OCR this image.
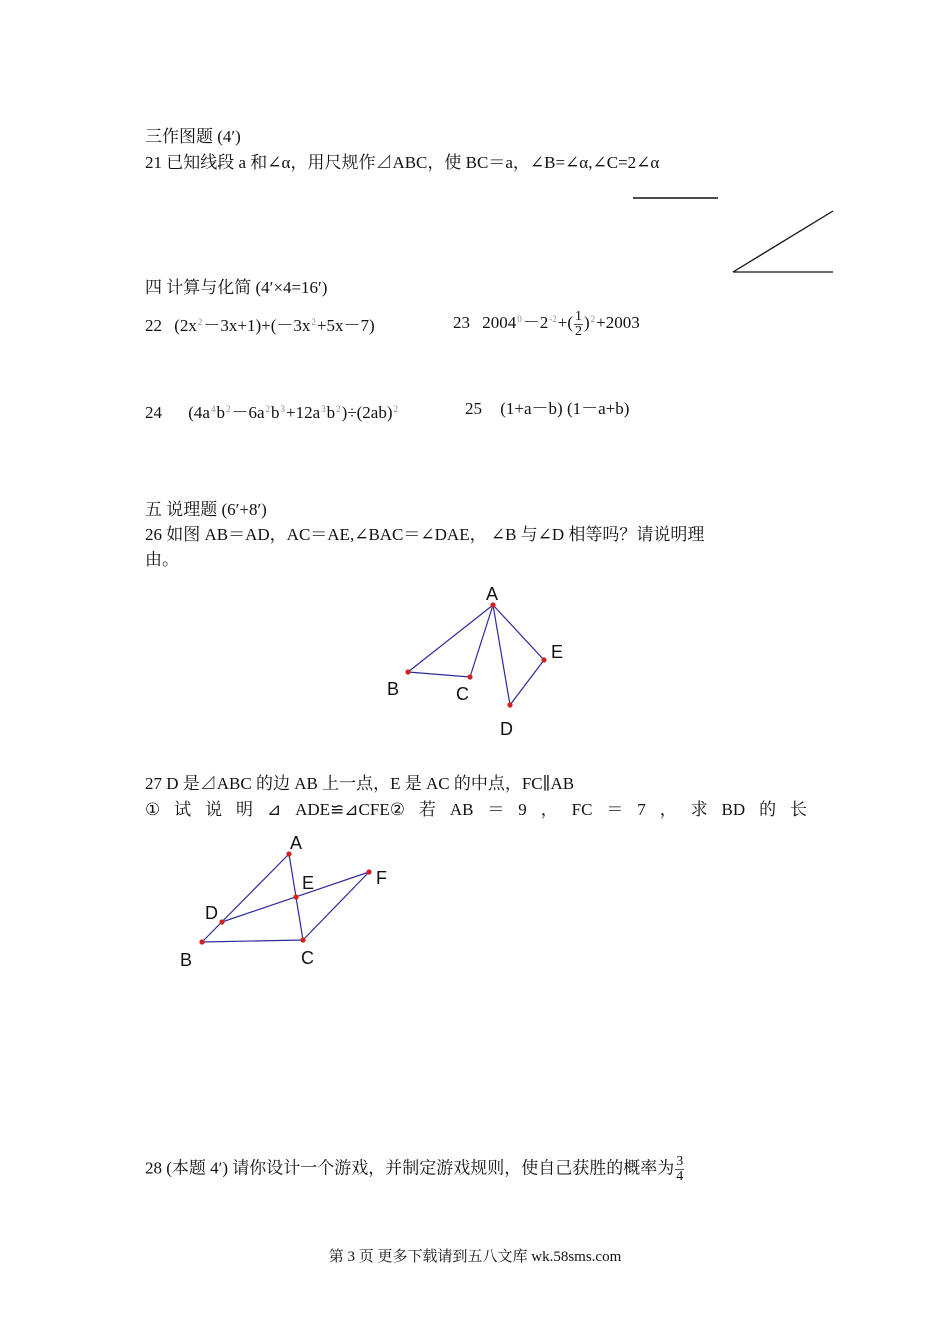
三作图题 (4′)
21 已知线段 a 和∠α，用尺规作⊿ABC，使 BC＝a，∠B=∠α,∠C=2∠α
四 计算与化简 (4′×4=16′)
22 $(2x^2-3x+1)+(-3x^2+5x-7)$	23 $2004^0-2^{-2}+( \frac{1}{2} )^2+2003$
24 $(4a^4b^2-6a^2b^3+12a^3b^2)\div(2ab)^2$	25 (1+a－b) (1－a+b)
五 说理题 (6′+8′)
26 如图 AB＝AD，AC＝AE,∠BAC＝∠DAE， ∠B 与∠D 相等吗？请说明理
由。
A
B	C
D
E
27 D 是⊿ABC 的边 AB 上一点，E 是 AC 的中点，FC∥AB
① 试 说 明 ⊿ ADE≌⊿CFE② 若 AB ＝ 9 ， FC ＝ 7 ， 求 BD 的 长
A
B	C
D
E	F
28 (本题 4′) 请你设计一个游戏，并制定游戏规则，使自己获胜的概率为 $\frac{3}{4}$
第 3 页 更多下载请到五八文库 wk.58sms.com
